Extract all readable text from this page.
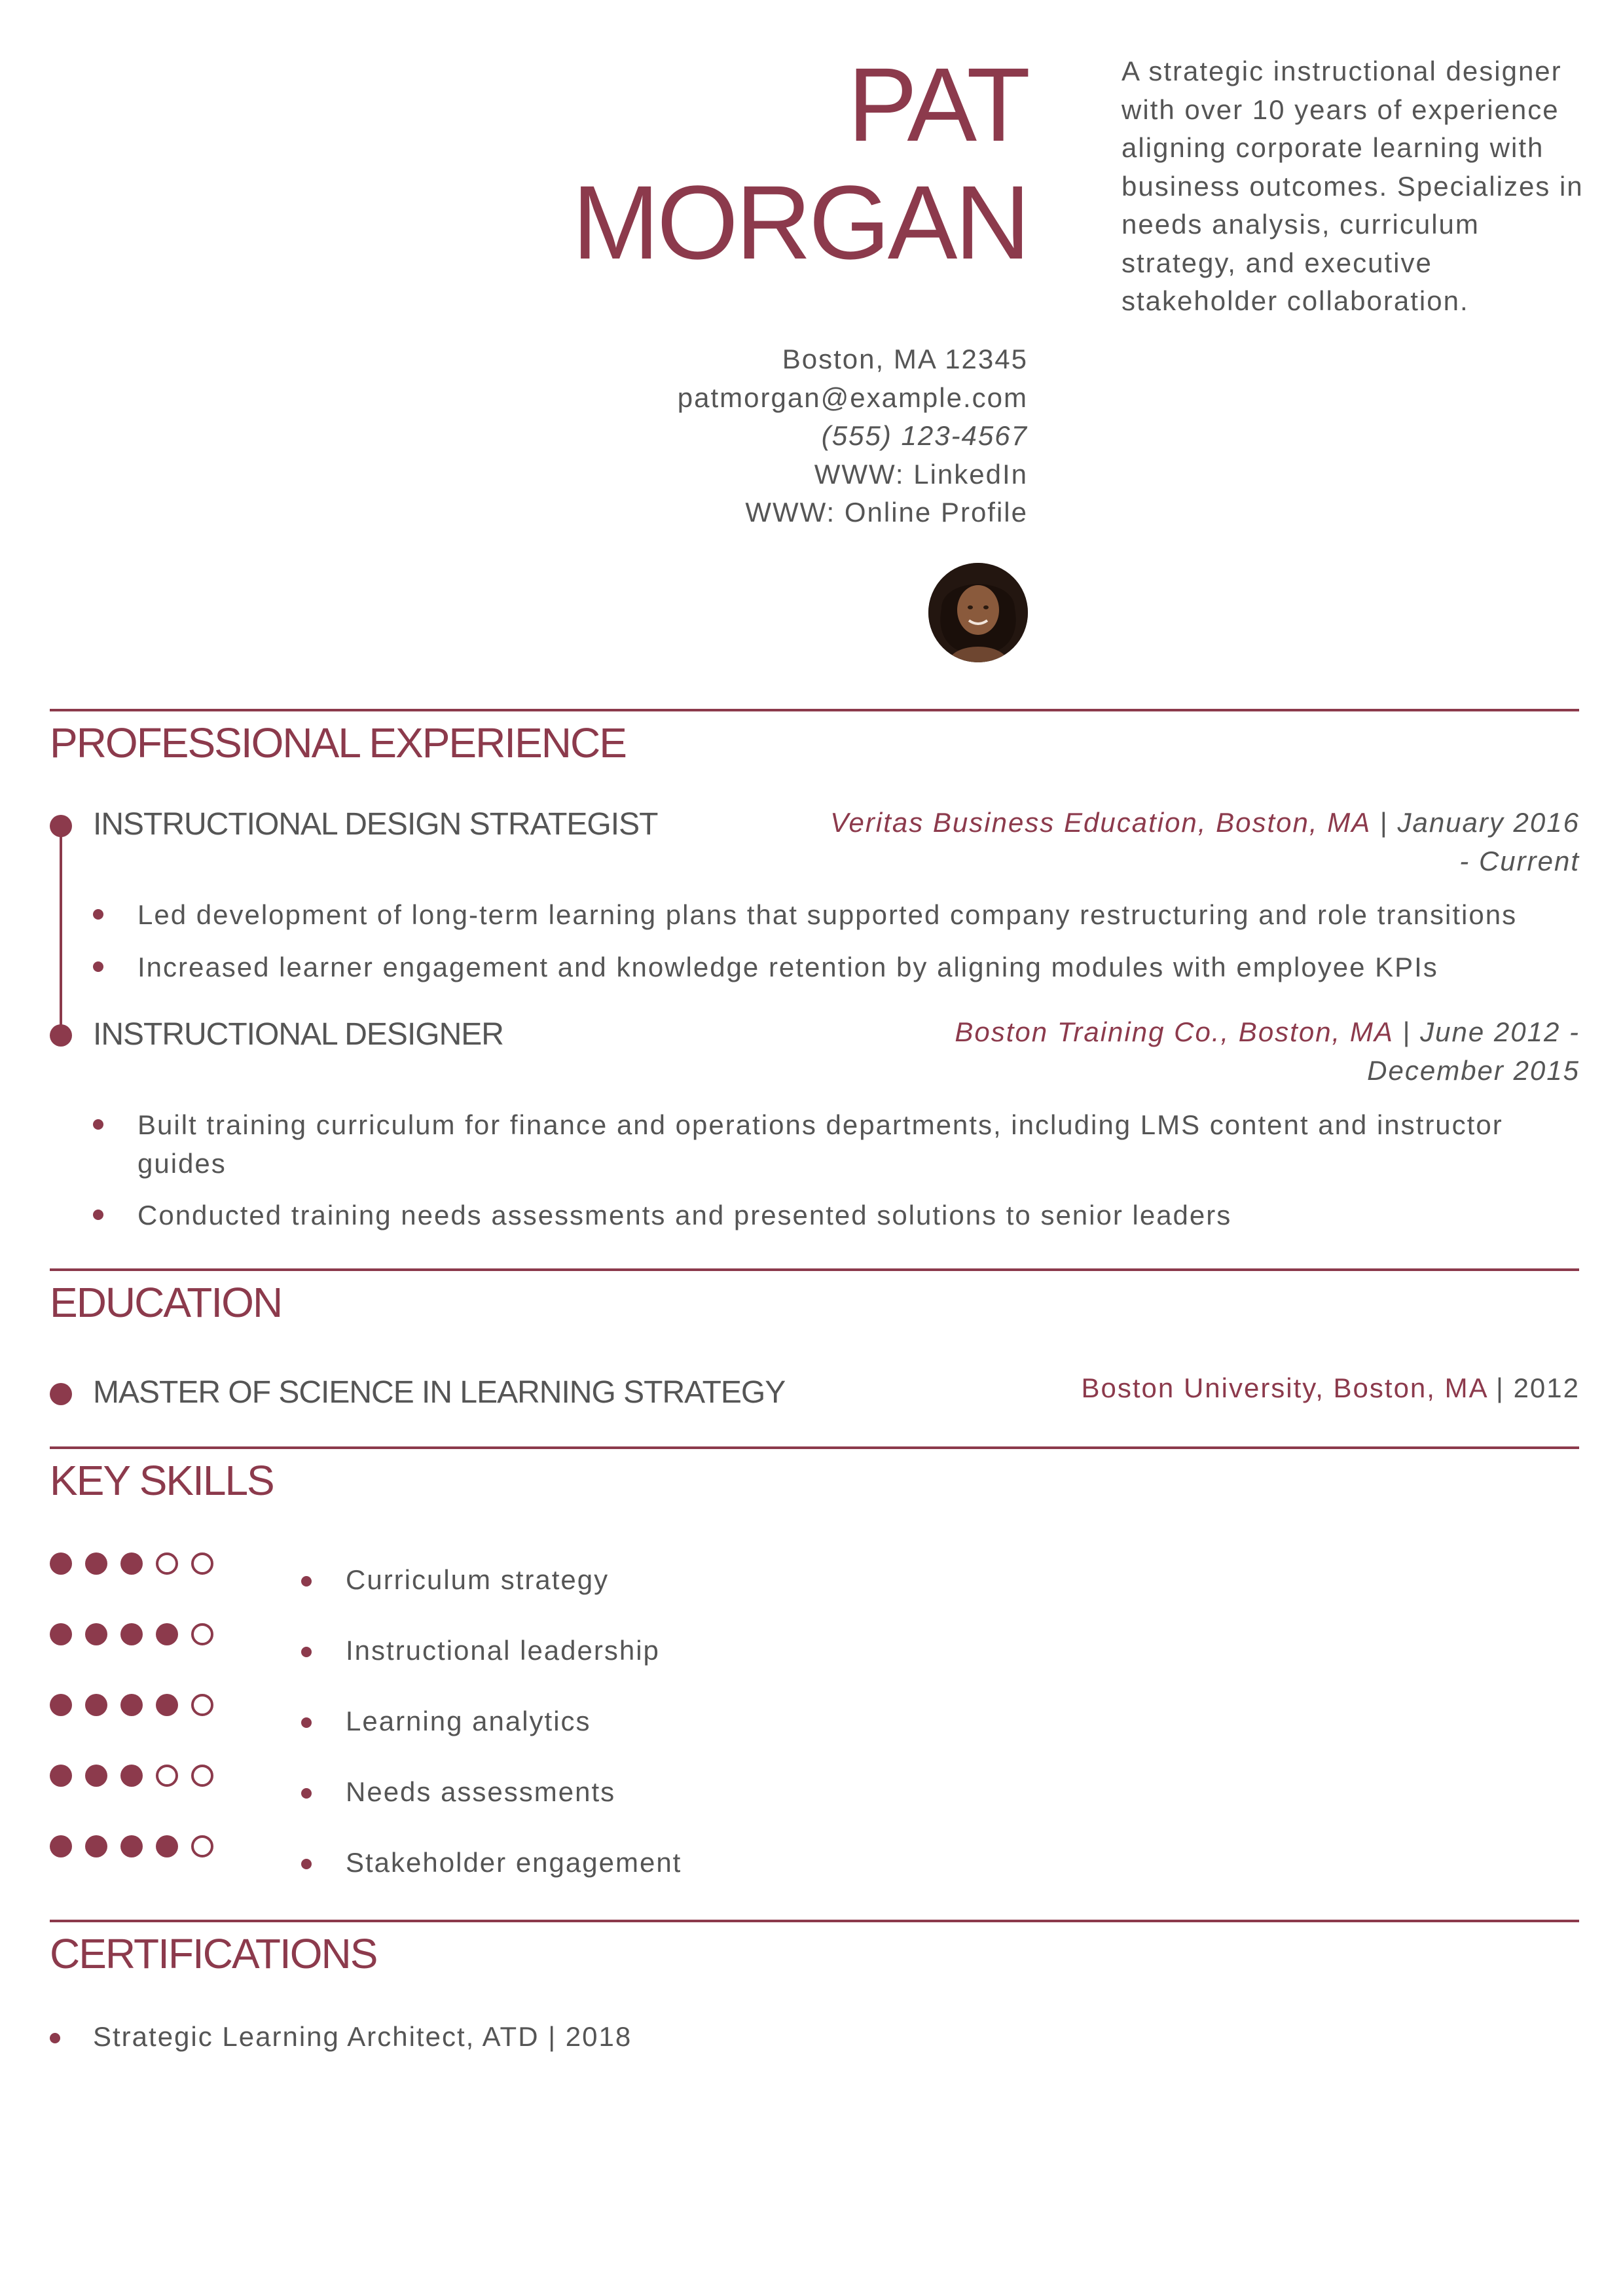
PAT
MORGAN
A strategic instructional designer with over 10 years of experience aligning corporate learning with business outcomes. Specializes in needs analysis, curriculum strategy, and executive stakeholder collaboration.
Boston, MA 12345
patmorgan@example.com
(555) 123-4567
WWW: LinkedIn
WWW: Online Profile
PROFESSIONAL EXPERIENCE
INSTRUCTIONAL DESIGN STRATEGIST	Veritas Business Education, Boston, MA | January 2016 - Current
Led development of long-term learning plans that supported company restructuring and role transitions
Increased learner engagement and knowledge retention by aligning modules with employee KPIs
INSTRUCTIONAL DESIGNER	Boston Training Co., Boston, MA | June 2012 - December 2015
Built training curriculum for finance and operations departments, including LMS content and instructor guides
Conducted training needs assessments and presented solutions to senior leaders
EDUCATION
MASTER OF SCIENCE IN LEARNING STRATEGY	Boston University, Boston, MA | 2012
KEY SKILLS
Curriculum strategy
Instructional leadership
Learning analytics
Needs assessments
Stakeholder engagement
CERTIFICATIONS
Strategic Learning Architect, ATD | 2018
